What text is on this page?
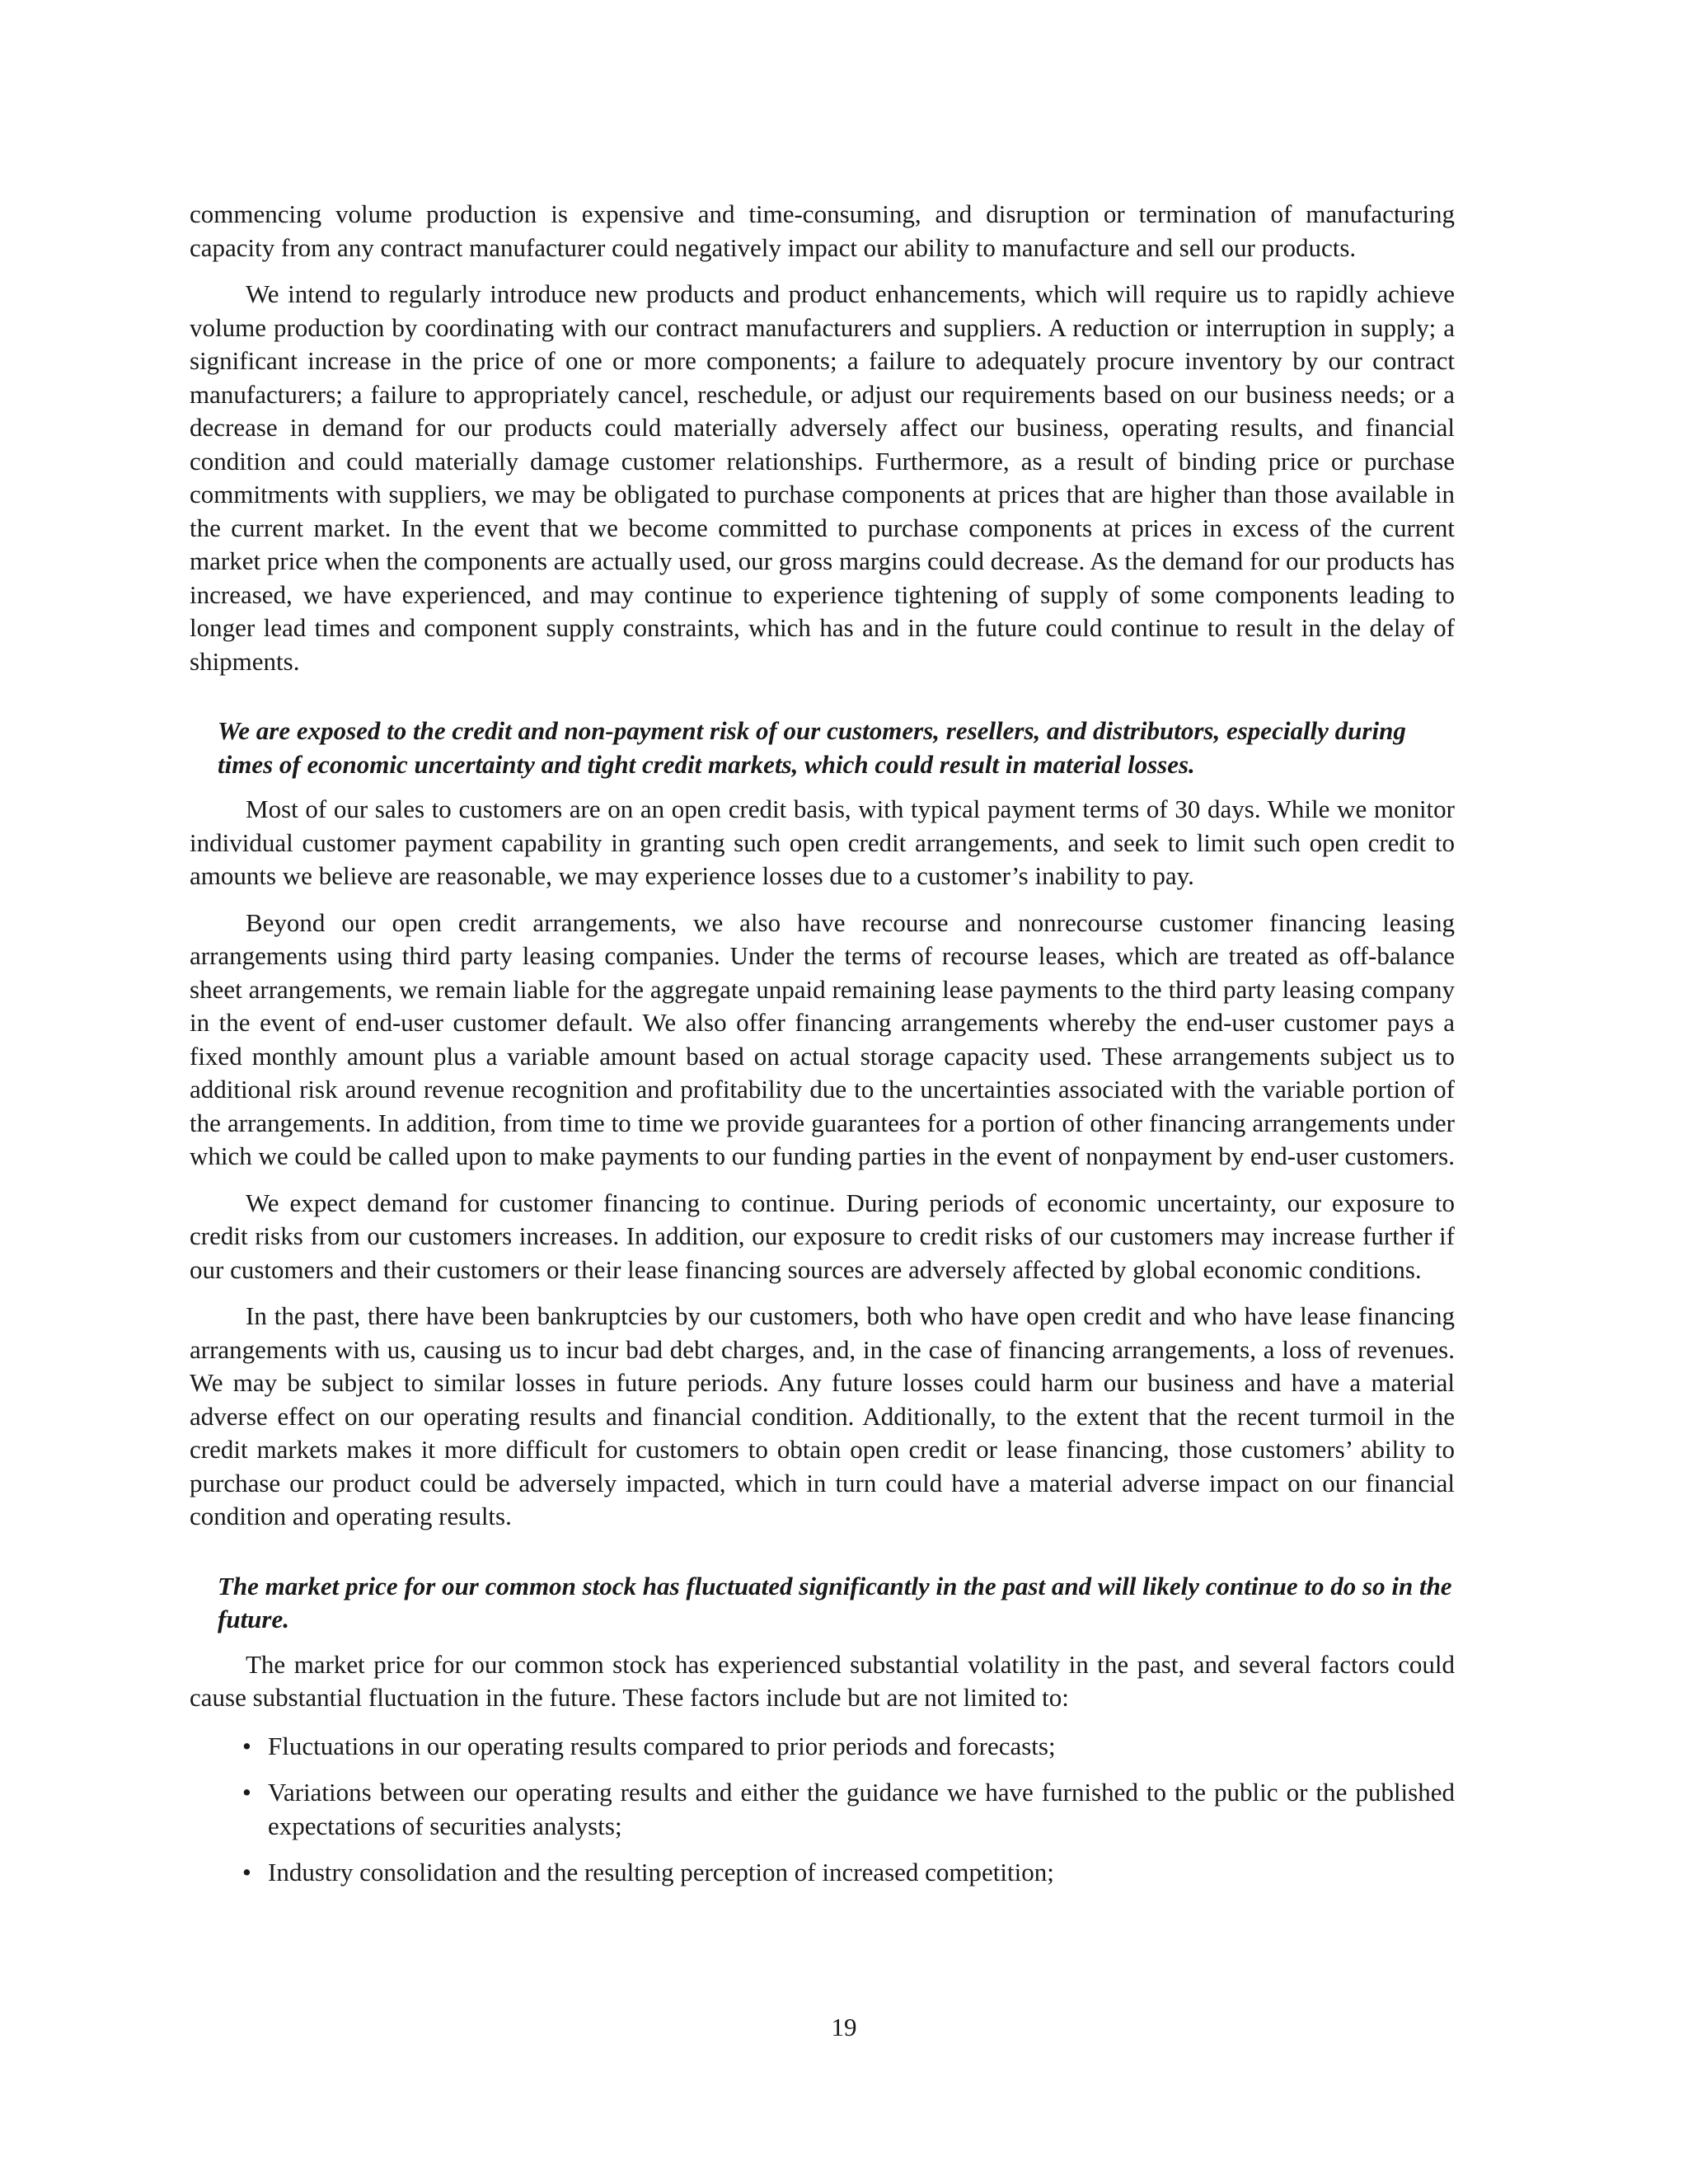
commencing volume production is expensive and time-consuming, and disruption or termination of manufacturing capacity from any contract manufacturer could negatively impact our ability to manufacture and sell our products.

We intend to regularly introduce new products and product enhancements, which will require us to rapidly achieve volume production by coordinating with our contract manufacturers and suppliers. A reduction or interruption in supply; a significant increase in the price of one or more components; a failure to adequately procure inventory by our contract manufacturers; a failure to appropriately cancel, reschedule, or adjust our requirements based on our business needs; or a decrease in demand for our products could materially adversely affect our business, operating results, and financial condition and could materially damage customer relationships. Furthermore, as a result of binding price or purchase commitments with suppliers, we may be obligated to purchase components at prices that are higher than those available in the current market. In the event that we become committed to purchase components at prices in excess of the current market price when the components are actually used, our gross margins could decrease. As the demand for our products has increased, we have experienced, and may continue to experience tightening of supply of some components leading to longer lead times and component supply constraints, which has and in the future could continue to result in the delay of shipments.

We are exposed to the credit and non-payment risk of our customers, resellers, and distributors, especially during times of economic uncertainty and tight credit markets, which could result in material losses.

Most of our sales to customers are on an open credit basis, with typical payment terms of 30 days. While we monitor individual customer payment capability in granting such open credit arrangements, and seek to limit such open credit to amounts we believe are reasonable, we may experience losses due to a customer’s inability to pay.

Beyond our open credit arrangements, we also have recourse and nonrecourse customer financing leasing arrangements using third party leasing companies. Under the terms of recourse leases, which are treated as off-balance sheet arrangements, we remain liable for the aggregate unpaid remaining lease payments to the third party leasing company in the event of end-user customer default. We also offer financing arrangements whereby the end-user customer pays a fixed monthly amount plus a variable amount based on actual storage capacity used. These arrangements subject us to additional risk around revenue recognition and profitability due to the uncertainties associated with the variable portion of the arrangements. In addition, from time to time we provide guarantees for a portion of other financing arrangements under which we could be called upon to make payments to our funding parties in the event of nonpayment by end-user customers.

We expect demand for customer financing to continue. During periods of economic uncertainty, our exposure to credit risks from our customers increases. In addition, our exposure to credit risks of our customers may increase further if our customers and their customers or their lease financing sources are adversely affected by global economic conditions.

In the past, there have been bankruptcies by our customers, both who have open credit and who have lease financing arrangements with us, causing us to incur bad debt charges, and, in the case of financing arrangements, a loss of revenues. We may be subject to similar losses in future periods. Any future losses could harm our business and have a material adverse effect on our operating results and financial condition. Additionally, to the extent that the recent turmoil in the credit markets makes it more difficult for customers to obtain open credit or lease financing, those customers’ ability to purchase our product could be adversely impacted, which in turn could have a material adverse impact on our financial condition and operating results.

The market price for our common stock has fluctuated significantly in the past and will likely continue to do so in the future.

The market price for our common stock has experienced substantial volatility in the past, and several factors could cause substantial fluctuation in the future. These factors include but are not limited to:

• Fluctuations in our operating results compared to prior periods and forecasts;
• Variations between our operating results and either the guidance we have furnished to the public or the published expectations of securities analysts;
• Industry consolidation and the resulting perception of increased competition;
19
